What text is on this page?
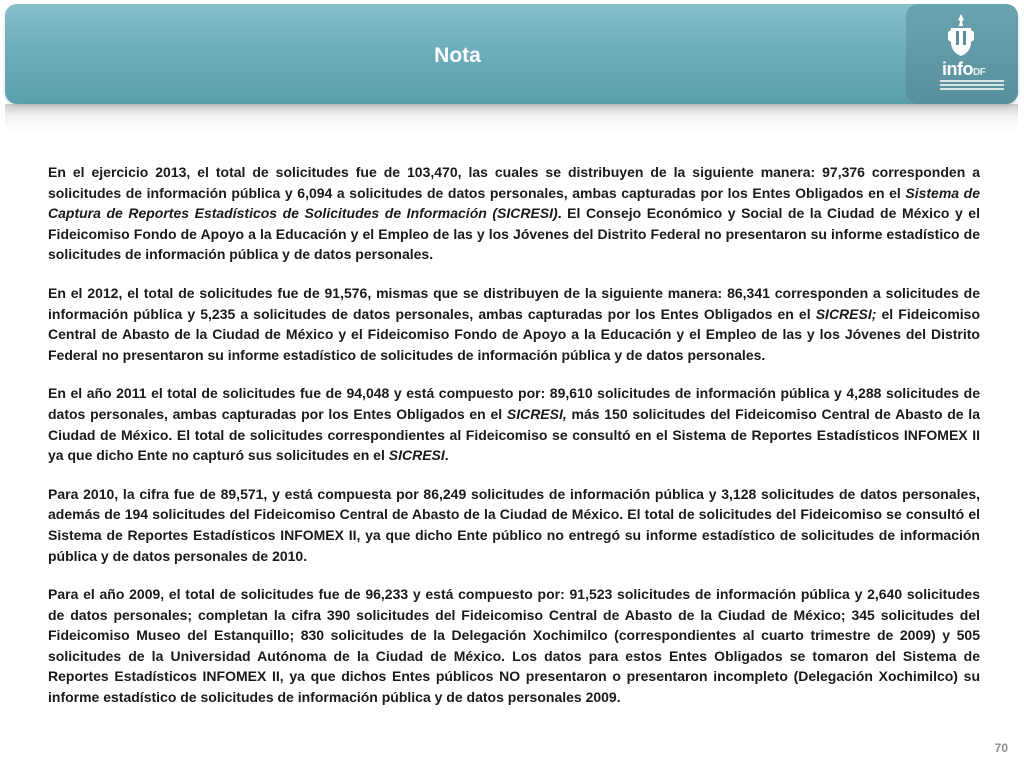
Nota
infoDF

En el ejercicio 2013, el total de solicitudes fue de 103,470, las cuales se distribuyen de la siguiente manera: 97,376 corresponden a solicitudes de información pública y 6,094 a solicitudes de datos personales, ambas capturadas por los Entes Obligados en el Sistema de Captura de Reportes Estadísticos de Solicitudes de Información (SICRESI). El Consejo Económico y Social de la Ciudad de México y el Fideicomiso Fondo de Apoyo a la Educación y el Empleo de las y los Jóvenes del Distrito Federal no presentaron su informe estadístico de solicitudes de información pública y de datos personales.

En el 2012, el total de solicitudes fue de 91,576, mismas que se distribuyen de la siguiente manera: 86,341 corresponden a solicitudes de información pública y 5,235 a solicitudes de datos personales, ambas capturadas por los Entes Obligados en el SICRESI; el Fideicomiso Central de Abasto de la Ciudad de México y el Fideicomiso Fondo de Apoyo a la Educación y el Empleo de las y los Jóvenes del Distrito Federal no presentaron su informe estadístico de solicitudes de información pública y de datos personales.

En el año 2011 el total de solicitudes fue de 94,048 y está compuesto por: 89,610 solicitudes de información pública y 4,288 solicitudes de datos personales, ambas capturadas por los Entes Obligados en el SICRESI, más 150 solicitudes del Fideicomiso Central de Abasto de la Ciudad de México. El total de solicitudes correspondientes al Fideicomiso se consultó en el Sistema de Reportes Estadísticos INFOMEX II ya que dicho Ente no capturó sus solicitudes en el SICRESI.

Para 2010, la cifra fue de 89,571, y está compuesta por 86,249 solicitudes de información pública y 3,128 solicitudes de datos personales, además de 194 solicitudes del Fideicomiso Central de Abasto de la Ciudad de México. El total de solicitudes del Fideicomiso se consultó el Sistema de Reportes Estadísticos INFOMEX II, ya que dicho Ente público no entregó su informe estadístico de solicitudes de información pública y de datos personales de 2010.

Para el año 2009, el total de solicitudes fue de 96,233 y está compuesto por: 91,523 solicitudes de información pública y 2,640 solicitudes de datos personales; completan la cifra 390 solicitudes del Fideicomiso Central de Abasto de la Ciudad de México; 345 solicitudes del Fideicomiso Museo del Estanquillo; 830 solicitudes de la Delegación Xochimilco (correspondientes al cuarto trimestre de 2009) y 505 solicitudes de la Universidad Autónoma de la Ciudad de México. Los datos para estos Entes Obligados se tomaron del Sistema de Reportes Estadísticos INFOMEX II, ya que dichos Entes públicos NO presentaron o presentaron incompleto (Delegación Xochimilco) su informe estadístico de solicitudes de información pública y de datos personales 2009.

70
